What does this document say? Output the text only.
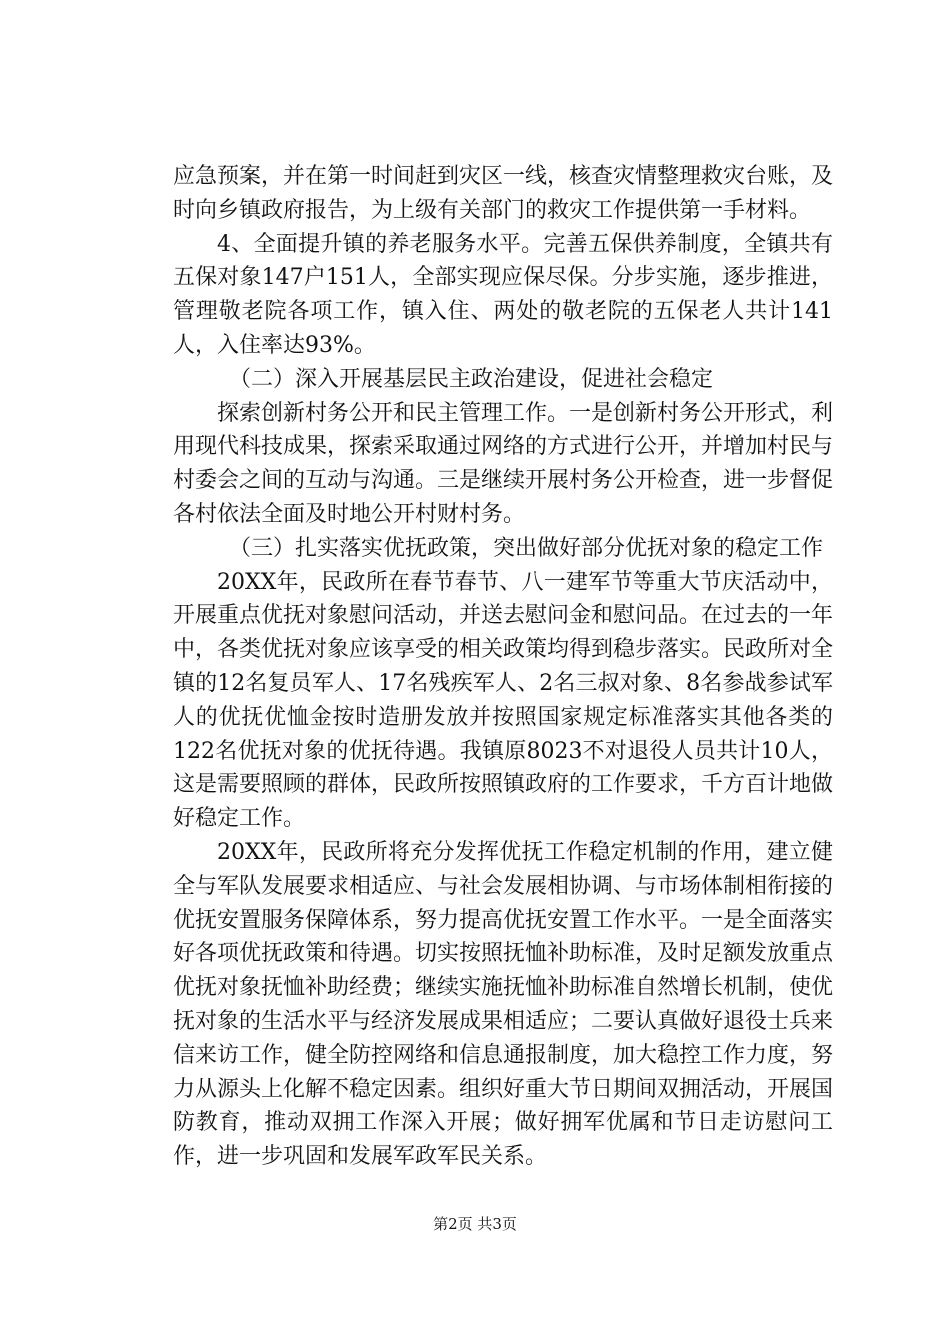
应急预案，并在第一时间赶到灾区一线，核查灾情整理救灾台账，及时向乡镇政府报告，为上级有关部门的救灾工作提供第一手材料。

4、全面提升镇的养老服务水平。完善五保供养制度，全镇共有五保对象147户151人，全部实现应保尽保。分步实施，逐步推进，管理敬老院各项工作，镇入住、两处的敬老院的五保老人共计141人，入住率达93%。

（二）深入开展基层民主政治建设，促进社会稳定

探索创新村务公开和民主管理工作。一是创新村务公开形式，利用现代科技成果，探索采取通过网络的方式进行公开，并增加村民与村委会之间的互动与沟通。三是继续开展村务公开检查，进一步督促各村依法全面及时地公开村财村务。

（三）扎实落实优抚政策，突出做好部分优抚对象的稳定工作

20XX年，民政所在春节春节、八一建军节等重大节庆活动中，开展重点优抚对象慰问活动，并送去慰问金和慰问品。在过去的一年中，各类优抚对象应该享受的相关政策均得到稳步落实。民政所对全镇的12名复员军人、17名残疾军人、2名三叔对象、8名参战参试军人的优抚优恤金按时造册发放并按照国家规定标准落实其他各类的122名优抚对象的优抚待遇。我镇原8023不对退役人员共计10人，这是需要照顾的群体，民政所按照镇政府的工作要求，千方百计地做好稳定工作。

20XX年，民政所将充分发挥优抚工作稳定机制的作用，建立健全与军队发展要求相适应、与社会发展相协调、与市场体制相衔接的优抚安置服务保障体系，努力提高优抚安置工作水平。一是全面落实好各项优抚政策和待遇。切实按照抚恤补助标准，及时足额发放重点优抚对象抚恤补助经费；继续实施抚恤补助标准自然增长机制，使优抚对象的生活水平与经济发展成果相适应；二要认真做好退役士兵来信来访工作，健全防控网络和信息通报制度，加大稳控工作力度，努力从源头上化解不稳定因素。组织好重大节日期间双拥活动，开展国防教育，推动双拥工作深入开展；做好拥军优属和节日走访慰问工作，进一步巩固和发展军政军民关系。

第2页 共3页
